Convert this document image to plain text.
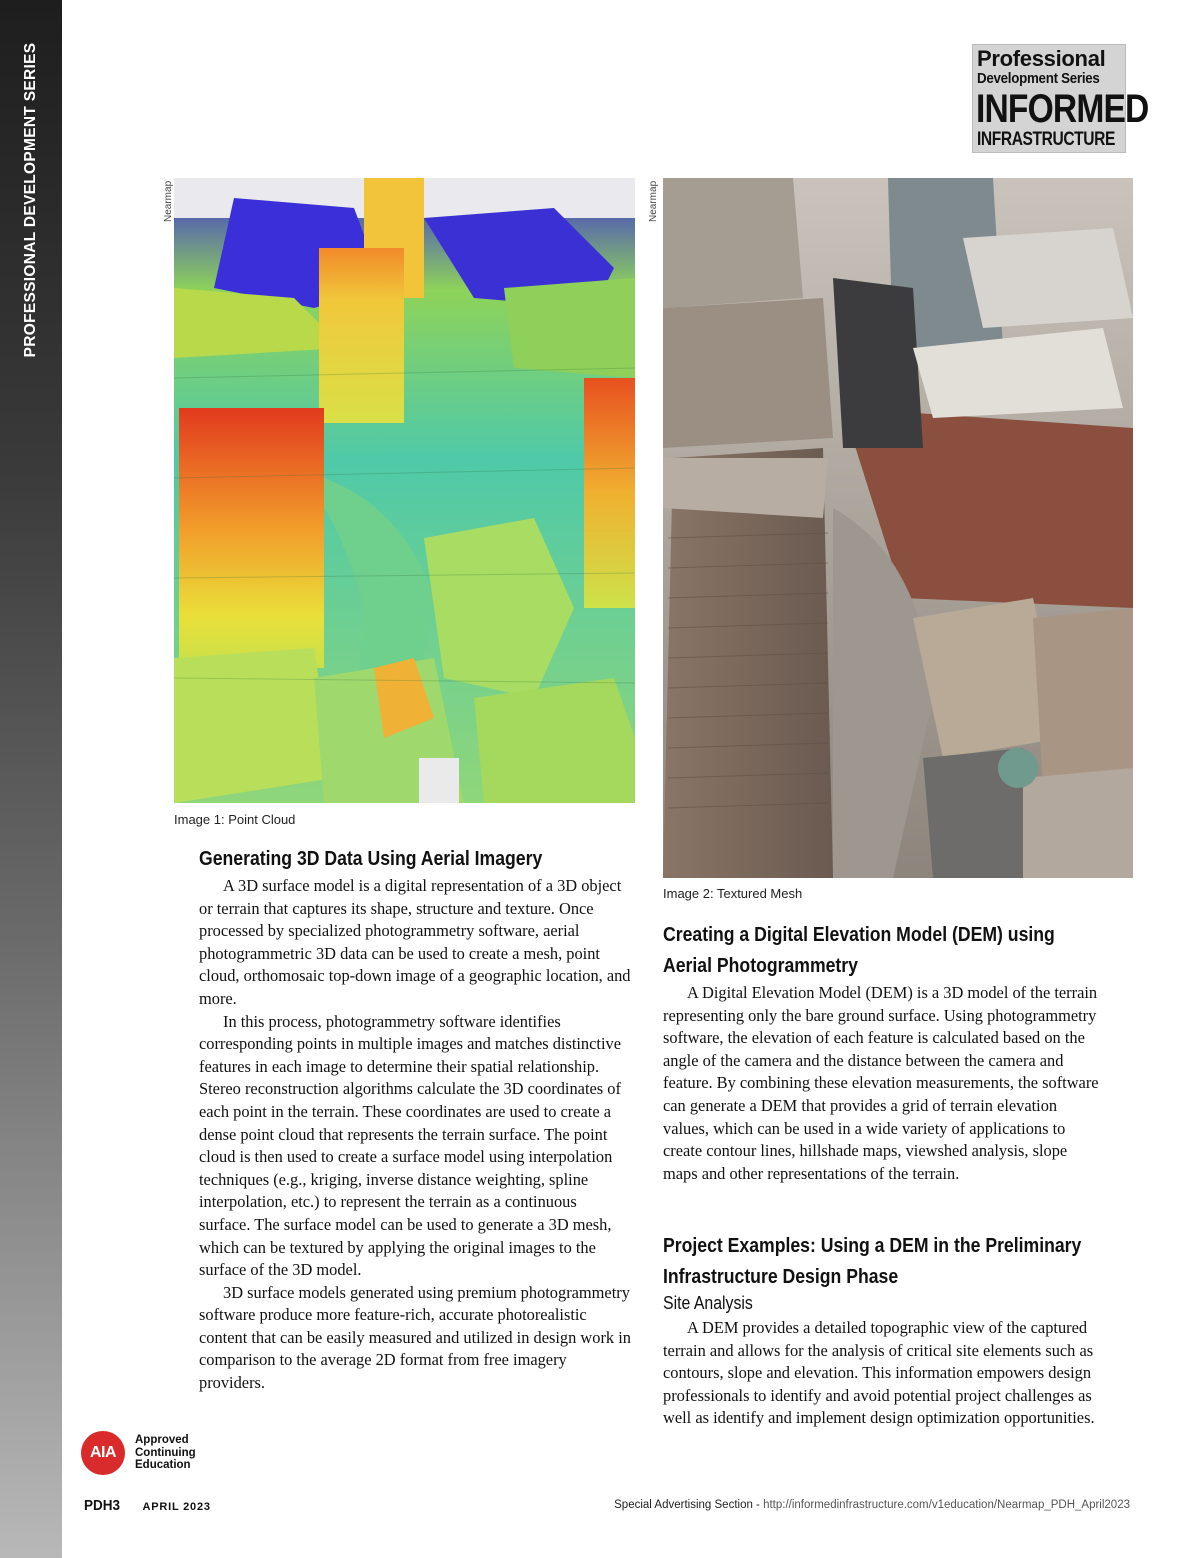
PROFESSIONAL DEVELOPMENT SERIES	Professional
Development Series
INFORMED
INFRASTRUCTURE
Nearmap
Image 1: Point Cloud
Nearmap
Image 2: Textured Mesh
Generating 3D Data Using Aerial Imagery

A 3D surface model is a digital representation of a 3D object or terrain that captures its shape, structure and texture. Once processed by specialized photogrammetry software, aerial photogrammetric 3D data can be used to create a mesh, point cloud, orthomosaic top-down image of a geographic location, and more.

In this process, photogrammetry software identifies corresponding points in multiple images and matches distinctive features in each image to determine their spatial relationship. Stereo reconstruction algorithms calculate the 3D coordinates of each point in the terrain. These coordinates are used to create a dense point cloud that represents the terrain surface. The point cloud is then used to create a surface model using interpolation techniques (e.g., kriging, inverse distance weighting, spline interpolation, etc.) to represent the terrain as a continuous surface. The surface model can be used to generate a 3D mesh, which can be textured by applying the original images to the surface of the 3D model.

3D surface models generated using premium photogrammetry software produce more feature-rich, accurate photorealistic content that can be easily measured and utilized in design work in comparison to the average 2D format from free imagery providers.

Creating a Digital Elevation Model (DEM) using Aerial Photogrammetry

A Digital Elevation Model (DEM) is a 3D model of the terrain representing only the bare ground surface. Using photogrammetry software, the elevation of each feature is calculated based on the angle of the camera and the distance between the camera and feature. By combining these elevation measurements, the software can generate a DEM that provides a grid of terrain elevation values, which can be used in a wide variety of applications to create contour lines, hillshade maps, viewshed analysis, slope maps and other representations of the terrain.

Project Examples: Using a DEM in the Preliminary Infrastructure Design Phase
Site Analysis

A DEM provides a detailed topographic view of the captured terrain and allows for the analysis of critical site elements such as contours, slope and elevation. This information empowers design professionals to identify and avoid potential project challenges as well as identify and implement design optimization opportunities.

AIA
Approved Continuing Education
PDH3 APRIL 2023	Special Advertising Section - http://informedinfrastructure.com/v1education/Nearmap_PDH_April2023
